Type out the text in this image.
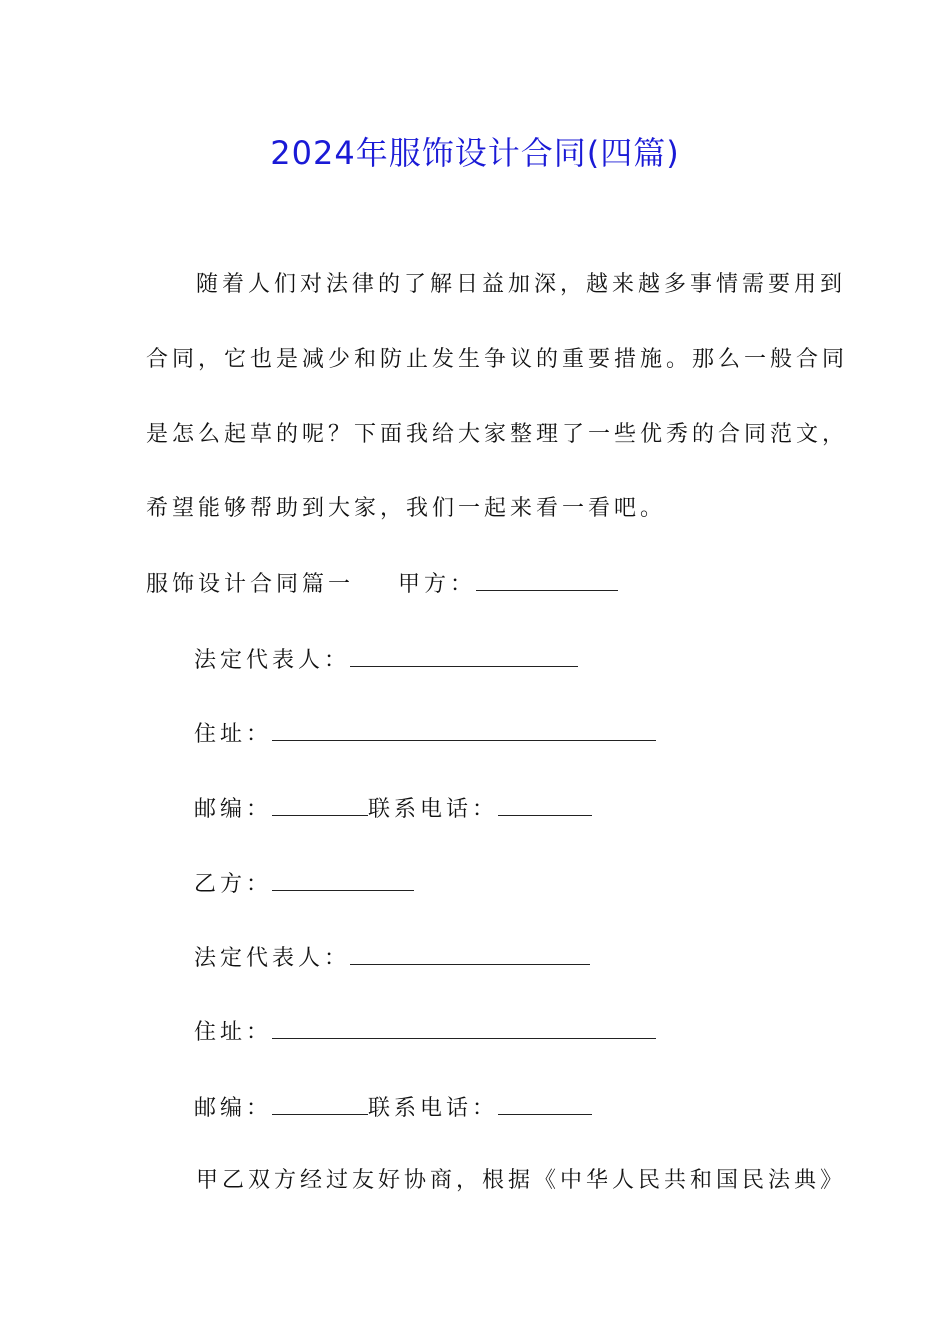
2024年服饰设计合同(四篇)
随着人们对法律的了解日益加深，越来越多事情需要用到
合同，它也是减少和防止发生争议的重要措施。那么一般合同
是怎么起草的呢？下面我给大家整理了一些优秀的合同范文，
希望能够帮助到大家，我们一起来看一看吧。
服饰设计合同篇一 甲方：
法定代表人：
住址：
邮编：	联系电话：
乙方：
法定代表人：
住址：
邮编：	联系电话：
甲乙双方经过友好协商，根据《中华人民共和国民法典》
